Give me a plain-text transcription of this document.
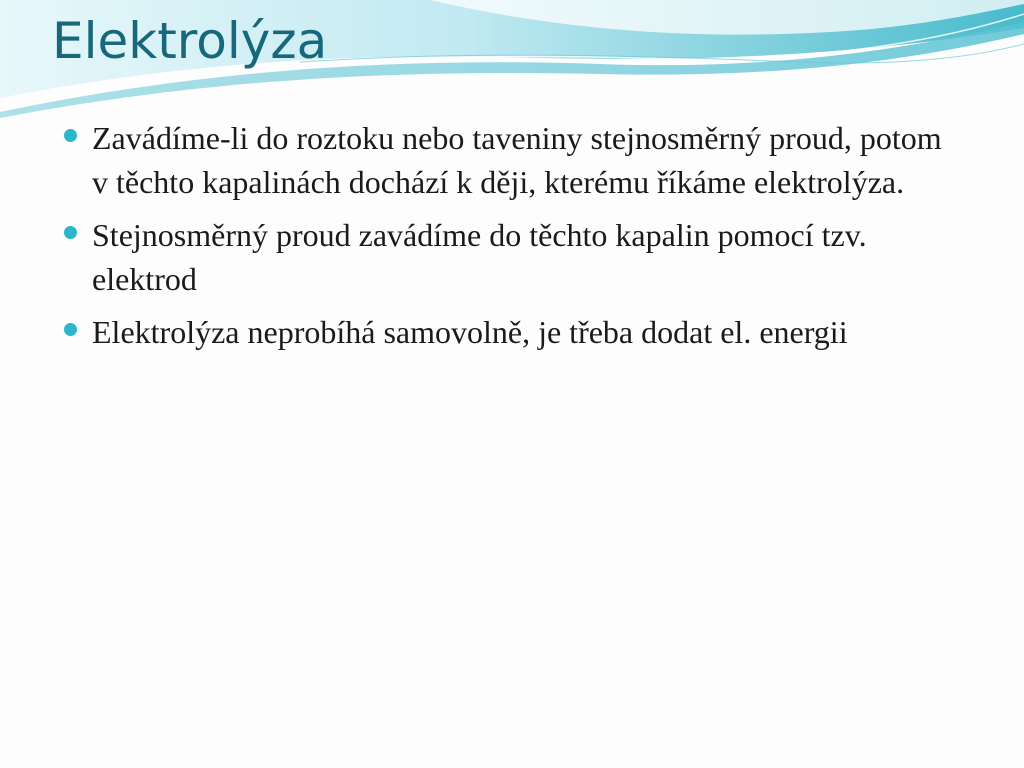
Elektrolýza
Zavádíme-li do roztoku nebo taveniny stejnosměrný proud, potom v těchto kapalinách dochází k ději, kterému říkáme elektrolýza.
Stejnosměrný proud zavádíme do těchto kapalin pomocí tzv. elektrod
Elektrolýza neprobíhá samovolně, je třeba dodat el. energii
